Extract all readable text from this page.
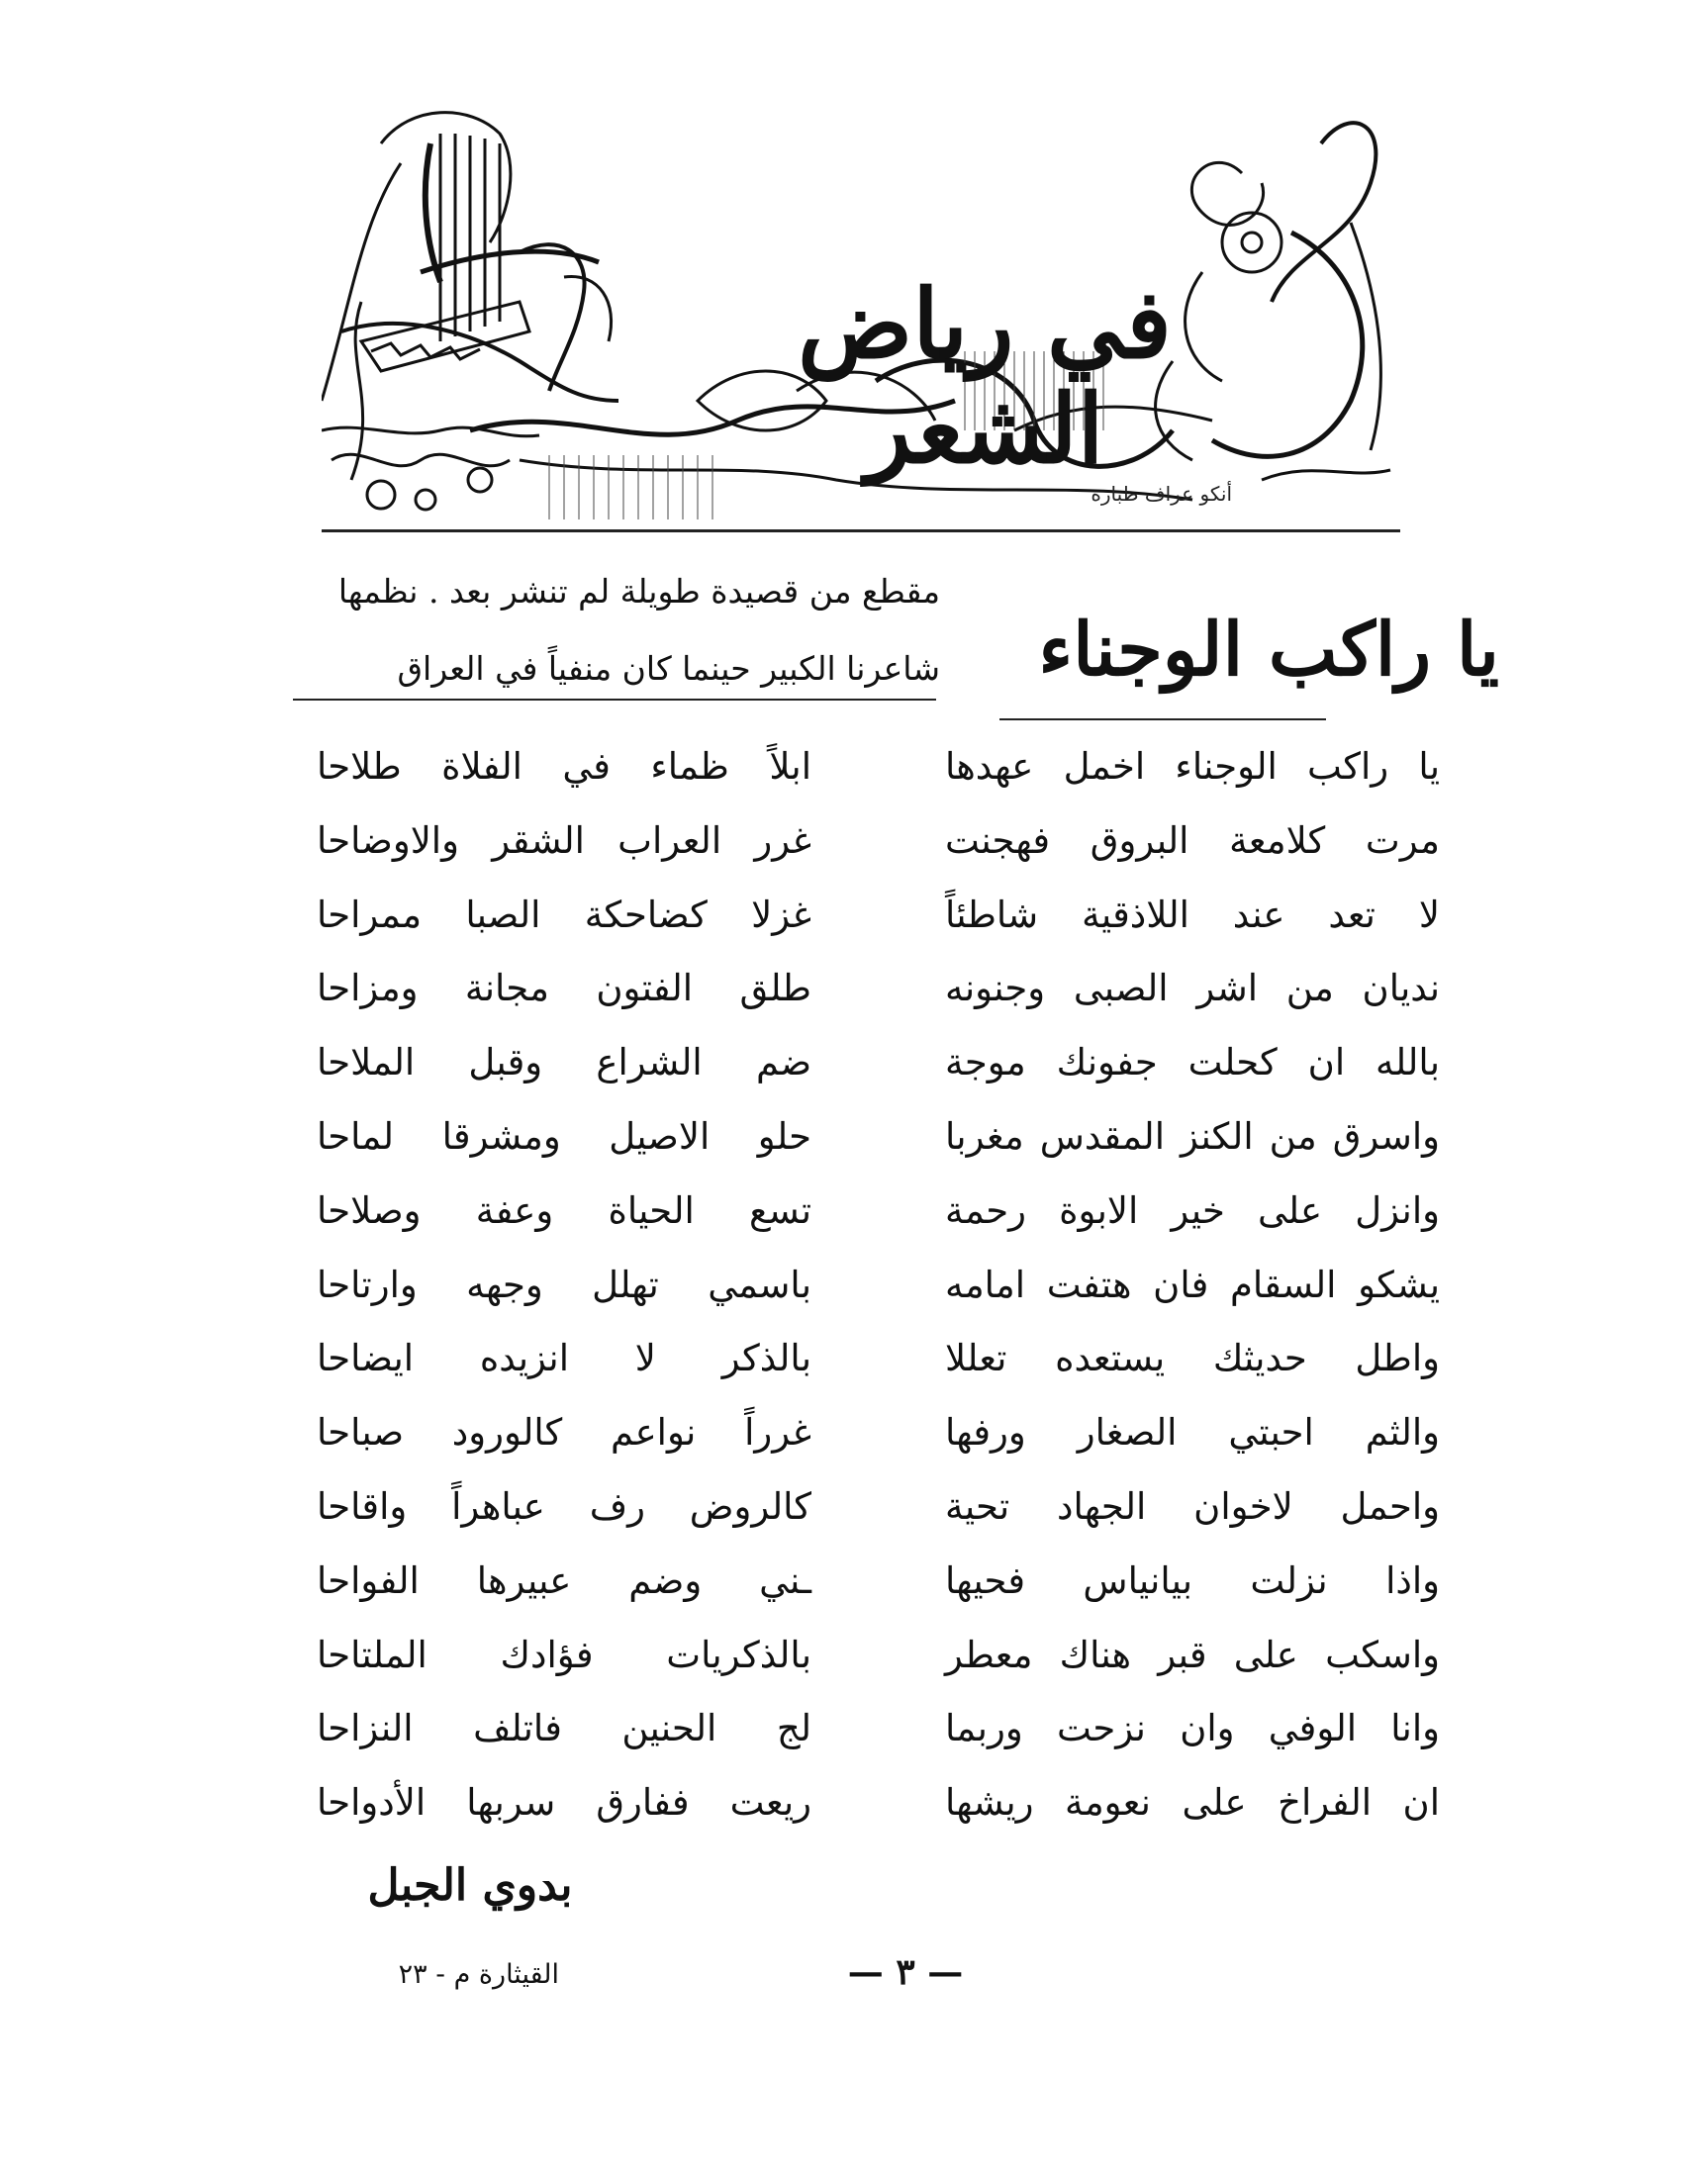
في رياض الشعر
أنكو عراف طباره
يا راكب الوجناء
مقطع من قصيدة طويلة لم تنشر بعد . نظمها
شاعرنا الكبير حينما كان منفياً في العراق
يا راكب الوجناء اخمل عهدها
مرت كلامعة البروق فهجنت
لا تعد عند اللاذقية شاطئاً
نديان من اشر الصبى وجنونه
بالله ان كحلت جفونك موجة
واسرق من الكنز المقدس مغربا
وانزل على خير الابوة رحمة
يشكو السقام فان هتفت امامه
واطل حديثك يستعده تعللا
والثم احبتي الصغار ورفها
واحمل لاخوان الجهاد تحية
واذا نزلت بيانياس فحيها
واسكب على قبر هناك معطر
وانا الوفي وان نزحت وربما
ان الفراخ على نعومة ريشها
ابلاً ظماء في الفلاة طلاحا
غرر العراب الشقر والاوضاحا
غزلا كضاحكة الصبا ممراحا
طلق الفتون مجانة ومزاحا
ضم الشراع وقبل الملاحا
حلو الاصيل ومشرقا لماحا
تسع الحياة وعفة وصلاحا
باسمي تهلل وجهه وارتاحا
بالذكر لا انزيده ايضاحا
غرراً نواعم كالورود صباحا
كالروض رف عباهراً واقاحا
ـني وضم عبيرها الفواحا
بالذكريات فؤادك الملتاحا
لج الحنين فاتلف النزاحا
ريعت ففارق سربها الأدواحا
بدوي الجبل
القيثارة م - ٢٣	— ٣ —
